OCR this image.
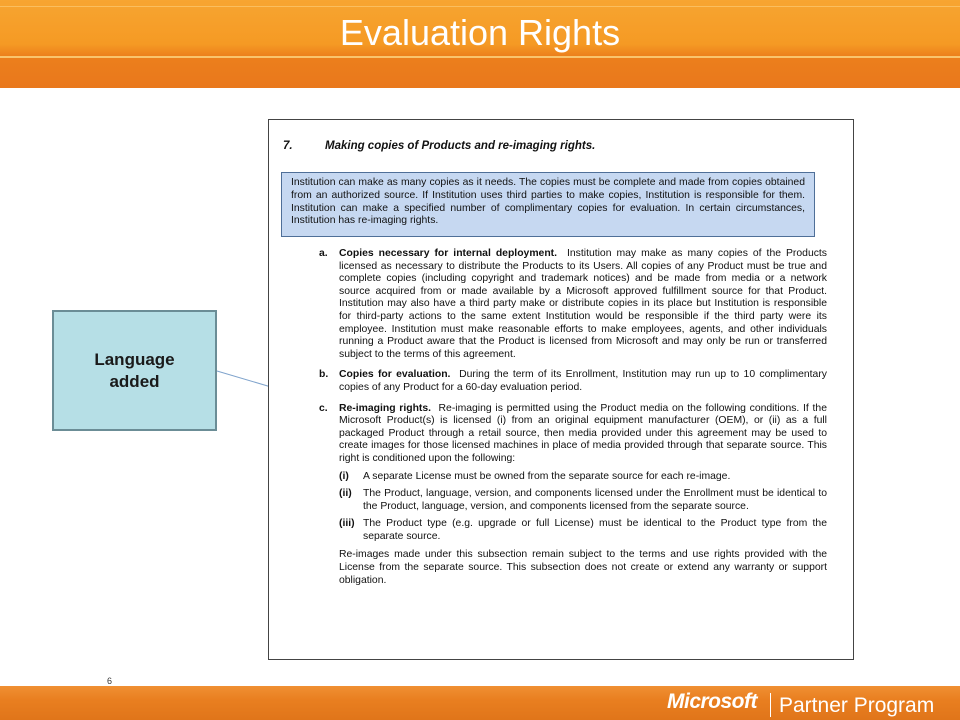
Evaluation Rights
Language added
7.	Making copies of Products and re-imaging rights.
Institution can make as many copies as it needs. The copies must be complete and made from copies obtained from an authorized source. If Institution uses third parties to make copies, Institution is responsible for them. Institution can make a specified number of complimentary copies for evaluation. In certain circumstances, Institution has re-imaging rights.
a. Copies necessary for internal deployment. Institution may make as many copies of the Products licensed as necessary to distribute the Products to its Users. All copies of any Product must be true and complete copies (including copyright and trademark notices) and be made from media or a network source acquired from or made available by a Microsoft approved fulfillment source for that Product. Institution may also have a third party make or distribute copies in its place but Institution is responsible for third-party actions to the same extent Institution would be responsible if the third party were its employee. Institution must make reasonable efforts to make employees, agents, and other individuals running a Product aware that the Product is licensed from Microsoft and may only be run or transferred subject to the terms of this agreement.
b. Copies for evaluation. During the term of its Enrollment, Institution may run up to 10 complimentary copies of any Product for a 60-day evaluation period.
c. Re-imaging rights. Re-imaging is permitted using the Product media on the following conditions. If the Microsoft Product(s) is licensed (i) from an original equipment manufacturer (OEM), or (ii) as a full packaged Product through a retail source, then media provided under this agreement may be used to create images for those licensed machines in place of media provided through that separate source. This right is conditioned upon the following:
(i) A separate License must be owned from the separate source for each re-image.
(ii) The Product, language, version, and components licensed under the Enrollment must be identical to the Product, language, version, and components licensed from the separate source.
(iii) The Product type (e.g. upgrade or full License) must be identical to the Product type from the separate source.
Re-images made under this subsection remain subject to the terms and use rights provided with the License from the separate source. This subsection does not create or extend any warranty or support obligation.
6
Microsoft Partner Program
